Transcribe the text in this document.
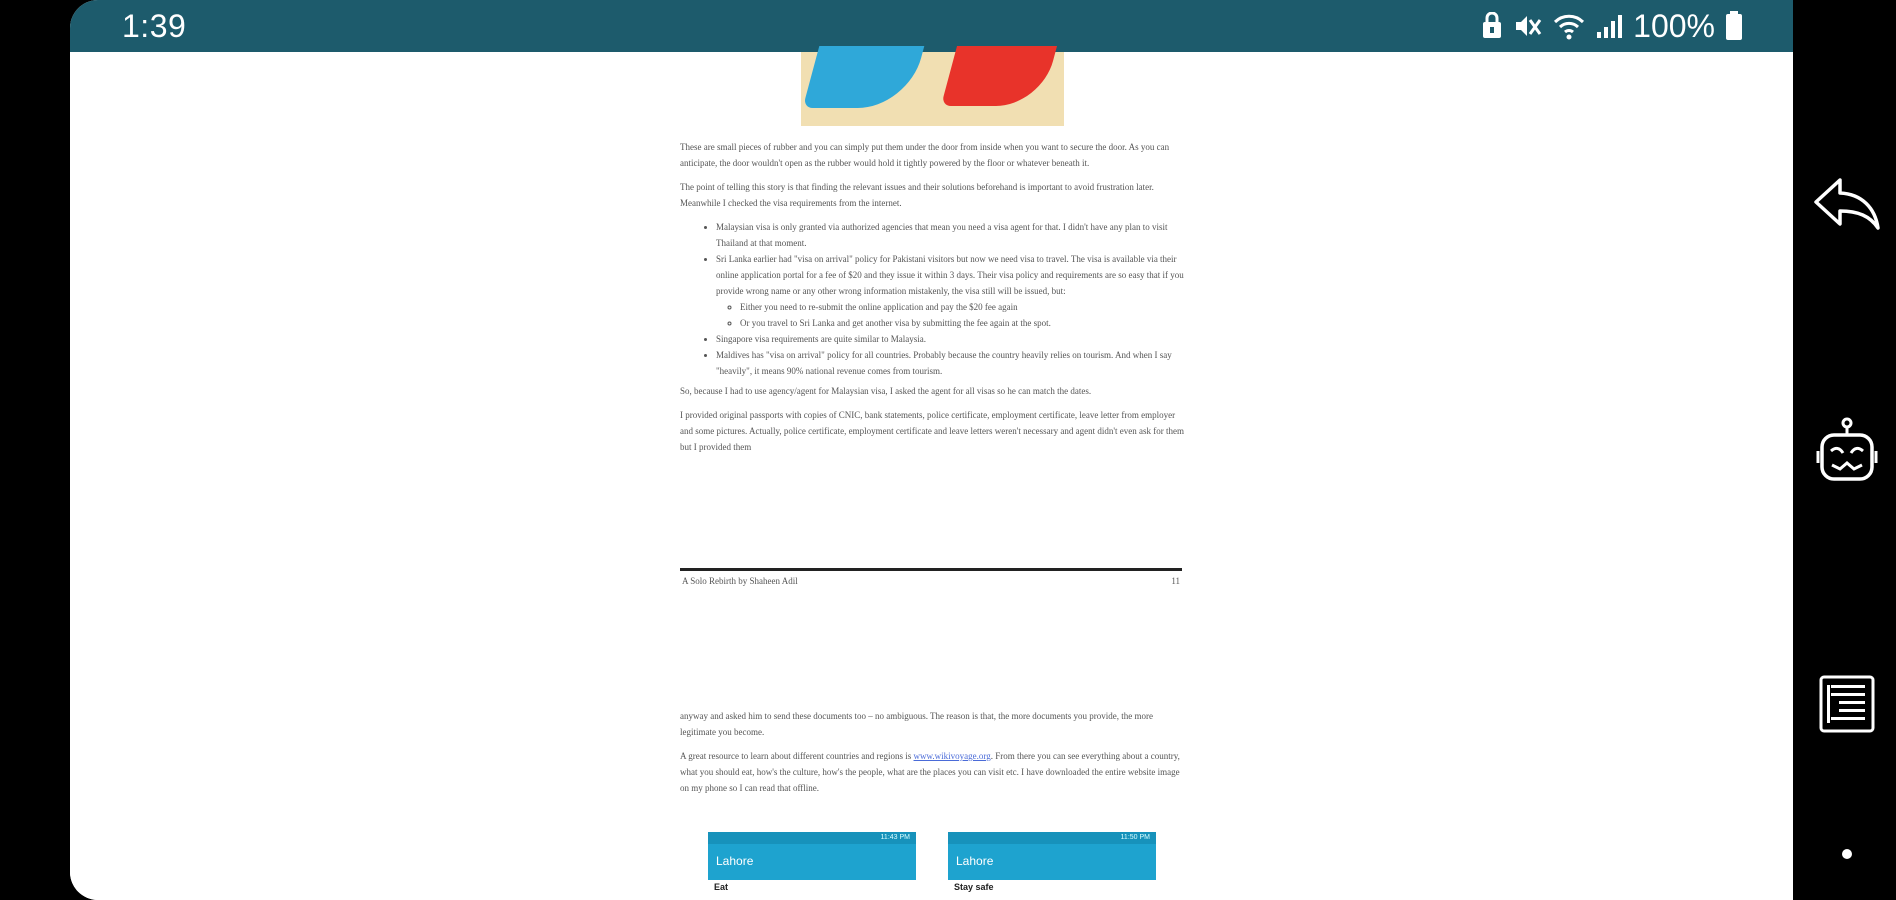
1:39	100%

These are small pieces of rubber and you can simply put them under the door from inside when you want to secure the door. As you can anticipate, the door wouldn't open as the rubber would hold it tightly powered by the floor or whatever beneath it.

The point of telling this story is that finding the relevant issues and their solutions beforehand is important to avoid frustration later. Meanwhile I checked the visa requirements from the internet.

• Malaysian visa is only granted via authorized agencies that mean you need a visa agent for that. I didn't have any plan to visit Thailand at that moment.
• Sri Lanka earlier had "visa on arrival" policy for Pakistani visitors but now we need visa to travel. The visa is available via their online application portal for a fee of $20 and they issue it within 3 days. Their visa policy and requirements are so easy that if you provide wrong name or any other wrong information mistakenly, the visa still will be issued, but:
◦ Either you need to re-submit the online application and pay the $20 fee again
◦ Or you travel to Sri Lanka and get another visa by submitting the fee again at the spot.
• Singapore visa requirements are quite similar to Malaysia.
• Maldives has "visa on arrival" policy for all countries. Probably because the country heavily relies on tourism. And when I say "heavily", it means 90% national revenue comes from tourism.

So, because I had to use agency/agent for Malaysian visa, I asked the agent for all visas so he can match the dates.

I provided original passports with copies of CNIC, bank statements, police certificate, employment certificate, leave letter from employer and some pictures. Actually, police certificate, employment certificate and leave letters weren't necessary and agent didn't even ask for them but I provided them

A Solo Rebirth by Shaheen Adil	11

anyway and asked him to send these documents too – no ambiguous. The reason is that, the more documents you provide, the more legitimate you become.

A great resource to learn about different countries and regions is www.wikivoyage.org. From there you can see everything about a country, what you should eat, how's the culture, how's the people, what are the places you can visit etc. I have downloaded the entire website image on my phone so I can read that offline.

11:43 PM
Lahore
Eat
11:50 PM
Lahore
Stay safe
